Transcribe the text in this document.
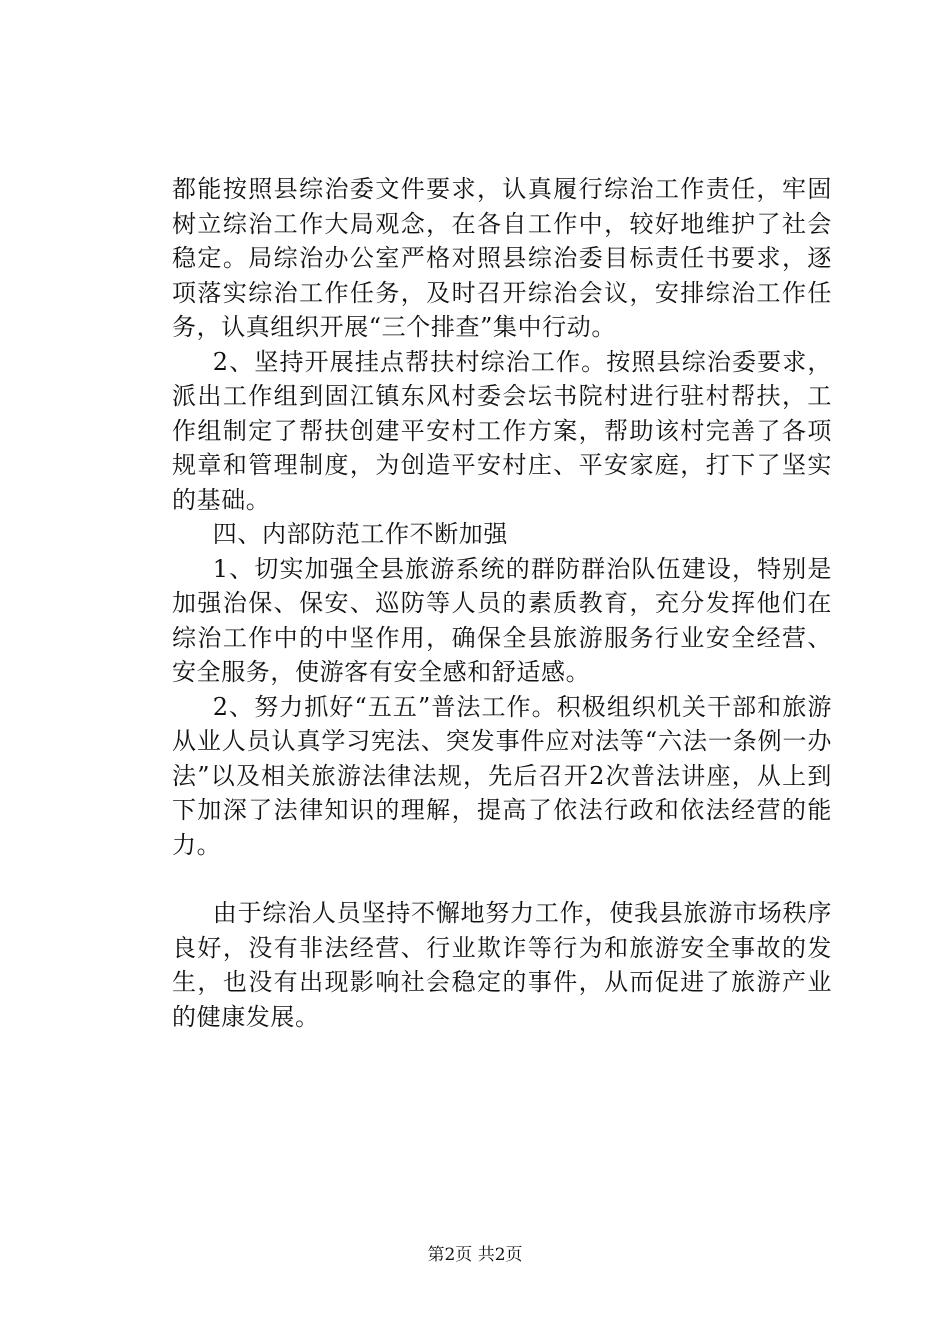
都能按照县综治委文件要求，认真履行综治工作责任，牢固树立综治工作大局观念，在各自工作中，较好地维护了社会稳定。局综治办公室严格对照县综治委目标责任书要求，逐项落实综治工作任务，及时召开综治会议，安排综治工作任务，认真组织开展“三个排查”集中行动。

2、坚持开展挂点帮扶村综治工作。按照县综治委要求，派出工作组到固江镇东风村委会坛书院村进行驻村帮扶，工作组制定了帮扶创建平安村工作方案，帮助该村完善了各项规章和管理制度，为创造平安村庄、平安家庭，打下了坚实的基础。

四、内部防范工作不断加强

1、切实加强全县旅游系统的群防群治队伍建设，特别是加强治保、保安、巡防等人员的素质教育，充分发挥他们在综治工作中的中坚作用，确保全县旅游服务行业安全经营、安全服务，使游客有安全感和舒适感。

2、努力抓好“五五”普法工作。积极组织机关干部和旅游从业人员认真学习宪法、突发事件应对法等“六法一条例一办法”以及相关旅游法律法规，先后召开2次普法讲座，从上到下加深了法律知识的理解，提高了依法行政和依法经营的能力。

由于综治人员坚持不懈地努力工作，使我县旅游市场秩序良好，没有非法经营、行业欺诈等行为和旅游安全事故的发生，也没有出现影响社会稳定的事件，从而促进了旅游产业的健康发展。

第2页 共2页
